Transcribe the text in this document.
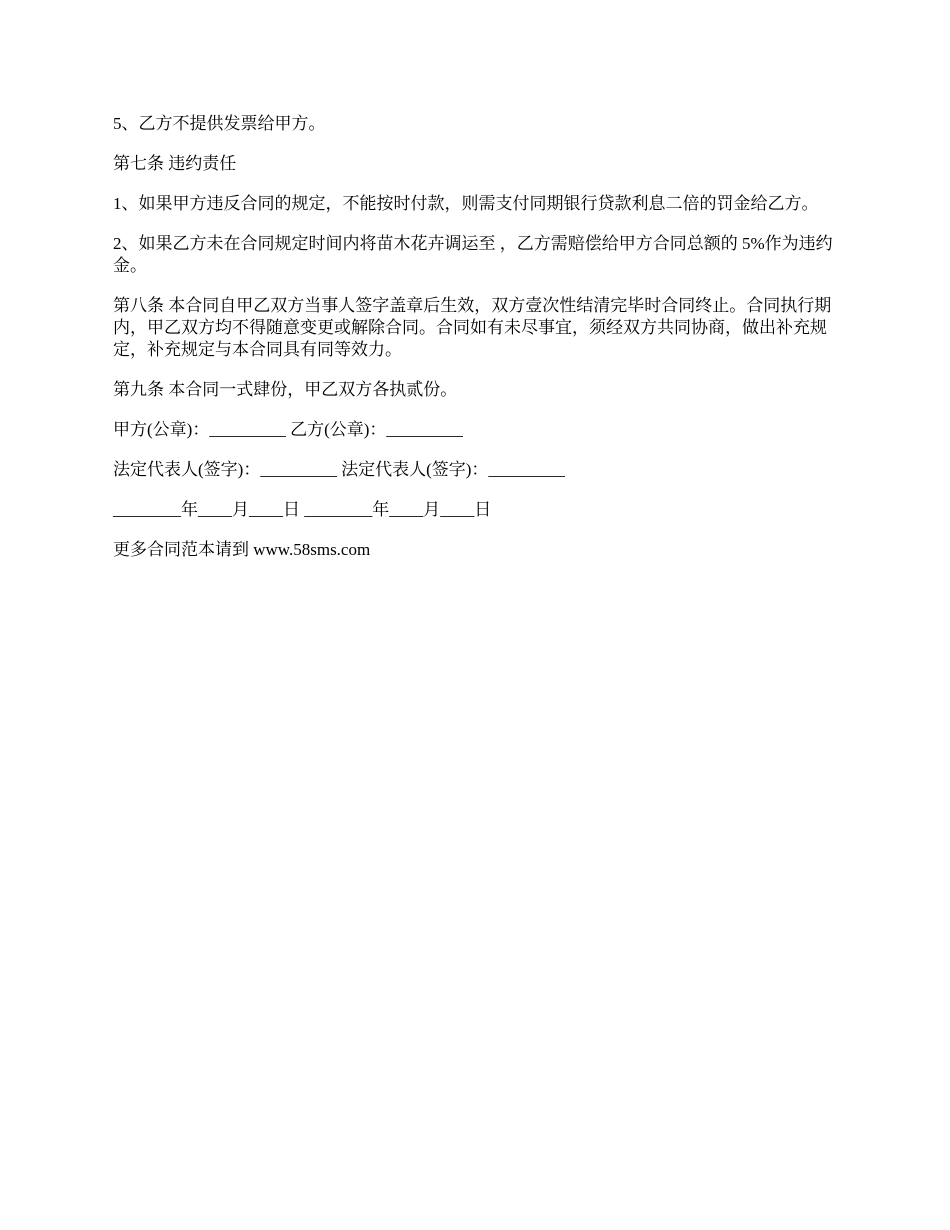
5、乙方不提供发票给甲方。

第七条 违约责任

1、如果甲方违反合同的规定，不能按时付款，则需支付同期银行贷款利息二倍的罚金给乙方。

2、如果乙方未在合同规定时间内将苗木花卉调运至 ，乙方需赔偿给甲方合同总额的 5%作为违约金。

第八条 本合同自甲乙双方当事人签字盖章后生效，双方壹次性结清完毕时合同终止。合同执行期内，甲乙双方均不得随意变更或解除合同。合同如有未尽事宜，须经双方共同协商，做出补充规定，补充规定与本合同具有同等效力。

第九条 本合同一式肆份，甲乙双方各执贰份。

甲方(公章)：_________ 乙方(公章)：_________

法定代表人(签字)：_________ 法定代表人(签字)：_________

________年____月____日 ________年____月____日

更多合同范本请到 www.58sms.com
